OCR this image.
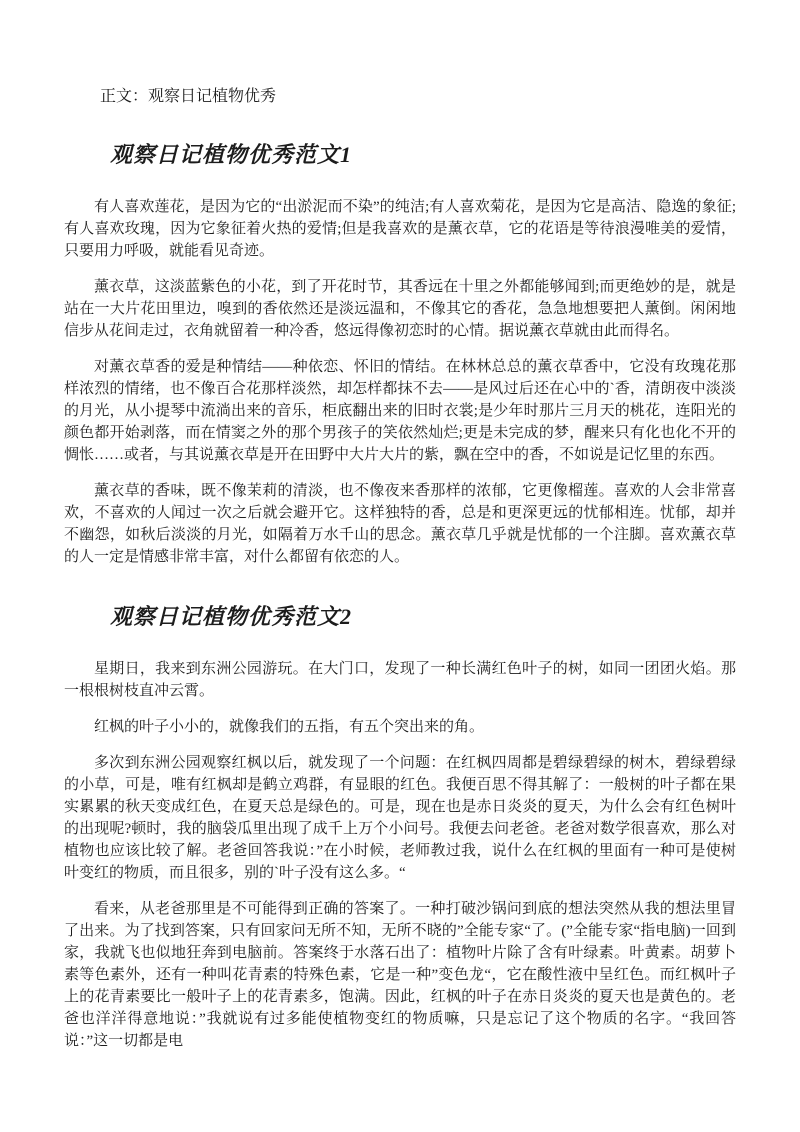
正文：观察日记植物优秀

观察日记植物优秀范文1

有人喜欢莲花，是因为它的“出淤泥而不染”的纯洁;有人喜欢菊花，是因为它是高洁、隐逸的象征;有人喜欢玫瑰，因为它象征着火热的爱情;但是我喜欢的是薰衣草，它的花语是等待浪漫唯美的爱情，只要用力呼吸，就能看见奇迹。

薰衣草，这淡蓝紫色的小花，到了开花时节，其香远在十里之外都能够闻到;而更绝妙的是，就是站在一大片花田里边，嗅到的香依然还是淡远温和，不像其它的香花，急急地想要把人薰倒。闲闲地信步从花间走过，衣角就留着一种冷香，悠远得像初恋时的心情。据说薰衣草就由此而得名。

对薰衣草香的爱是种情结——种依恋、怀旧的情结。在林林总总的薰衣草香中，它没有玫瑰花那样浓烈的情绪，也不像百合花那样淡然，却怎样都抹不去——是风过后还在心中的`香，清朗夜中淡淡的月光，从小提琴中流淌出来的音乐，柜底翻出来的旧时衣裳;是少年时那片三月天的桃花，连阳光的颜色都开始剥落，而在情窦之外的那个男孩子的笑依然灿烂;更是未完成的梦，醒来只有化也化不开的惆怅……或者，与其说薰衣草是开在田野中大片大片的紫，飘在空中的香，不如说是记忆里的东西。

薰衣草的香味，既不像茉莉的清淡，也不像夜来香那样的浓郁，它更像榴莲。喜欢的人会非常喜欢，不喜欢的人闻过一次之后就会避开它。这样独特的香，总是和更深更远的忧郁相连。忧郁，却并不幽怨，如秋后淡淡的月光，如隔着万水千山的思念。薰衣草几乎就是忧郁的一个注脚。喜欢薰衣草的人一定是情感非常丰富，对什么都留有依恋的人。

观察日记植物优秀范文2

星期日，我来到东洲公园游玩。在大门口，发现了一种长满红色叶子的树，如同一团团火焰。那一根根树枝直冲云霄。

红枫的叶子小小的，就像我们的五指，有五个突出来的角。

多次到东洲公园观察红枫以后，就发现了一个问题：在红枫四周都是碧绿碧绿的树木，碧绿碧绿的小草，可是，唯有红枫却是鹤立鸡群，有显眼的红色。我便百思不得其解了：一般树的叶子都在果实累累的秋天变成红色，在夏天总是绿色的。可是，现在也是赤日炎炎的夏天，为什么会有红色树叶的出现呢?顿时，我的脑袋瓜里出现了成千上万个小问号。我便去问老爸。老爸对数学很喜欢，那么对植物也应该比较了解。老爸回答我说：”在小时候，老师教过我，说什么在红枫的里面有一种可是使树叶变红的物质，而且很多，别的`叶子没有这么多。“

看来，从老爸那里是不可能得到正确的答案了。一种打破沙锅问到底的想法突然从我的想法里冒了出来。为了找到答案，只有回家问无所不知，无所不晓的”全能专家“了。(”全能专家“指电脑)一回到家，我就飞也似地狂奔到电脑前。答案终于水落石出了：植物叶片除了含有叶绿素。叶黄素。胡萝卜素等色素外，还有一种叫花青素的特殊色素，它是一种”变色龙“，它在酸性液中呈红色。而红枫叶子上的花青素要比一般叶子上的花青素多，饱满。因此，红枫的叶子在赤日炎炎的夏天也是黄色的。老爸也洋洋得意地说：”我就说有过多能使植物变红的物质嘛，只是忘记了这个物质的名字。“我回答说：”这一切都是电
